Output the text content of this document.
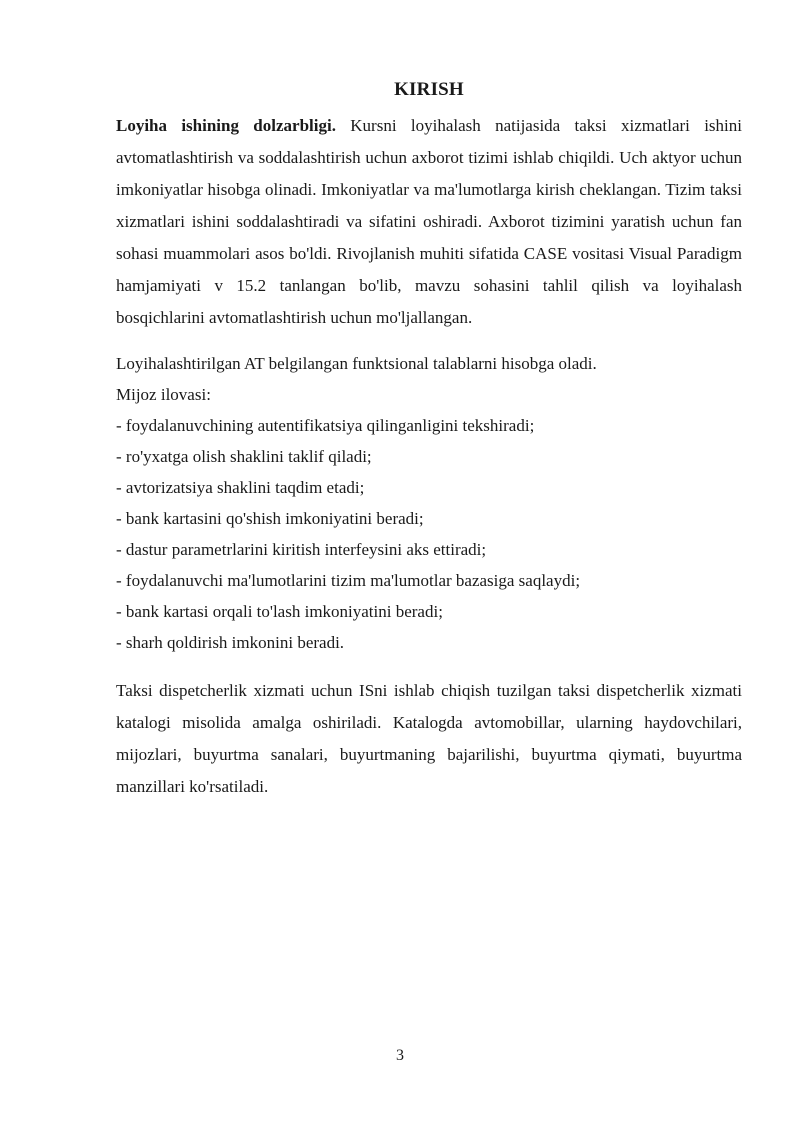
KIRISH

Loyiha ishining dolzarbligi. Kursni loyihalash natijasida taksi xizmatlari ishini avtomatlashtirish va soddalashtirish uchun axborot tizimi ishlab chiqildi. Uch aktyor uchun imkoniyatlar hisobga olinadi. Imkoniyatlar va ma'lumotlarga kirish cheklangan. Tizim taksi xizmatlari ishini soddalashtiradi va sifatini oshiradi. Axborot tizimini yaratish uchun fan sohasi muammolari asos bo'ldi. Rivojlanish muhiti sifatida CASE vositasi Visual Paradigm hamjamiyati v 15.2 tanlangan bo'lib, mavzu sohasini tahlil qilish va loyihalash bosqichlarini avtomatlashtirish uchun mo'ljallangan.

Loyihalashtirilgan AT belgilangan funktsional talablarni hisobga oladi.

Mijoz ilovasi:

- foydalanuvchining autentifikatsiya qilinganligini tekshiradi;

- ro'yxatga olish shaklini taklif qiladi;

- avtorizatsiya shaklini taqdim etadi;

- bank kartasini qo'shish imkoniyatini beradi;

- dastur parametrlarini kiritish interfeysini aks ettiradi;

- foydalanuvchi ma'lumotlarini tizim ma'lumotlar bazasiga saqlaydi;

- bank kartasi orqali to'lash imkoniyatini beradi;

- sharh qoldirish imkonini beradi.

Taksi dispetcherlik xizmati uchun ISni ishlab chiqish tuzilgan taksi dispetcherlik xizmati katalogi misolida amalga oshiriladi. Katalogda avtomobillar, ularning haydovchilari, mijozlari, buyurtma sanalari, buyurtmaning bajarilishi, buyurtma qiymati, buyurtma manzillari ko'rsatiladi.

3
